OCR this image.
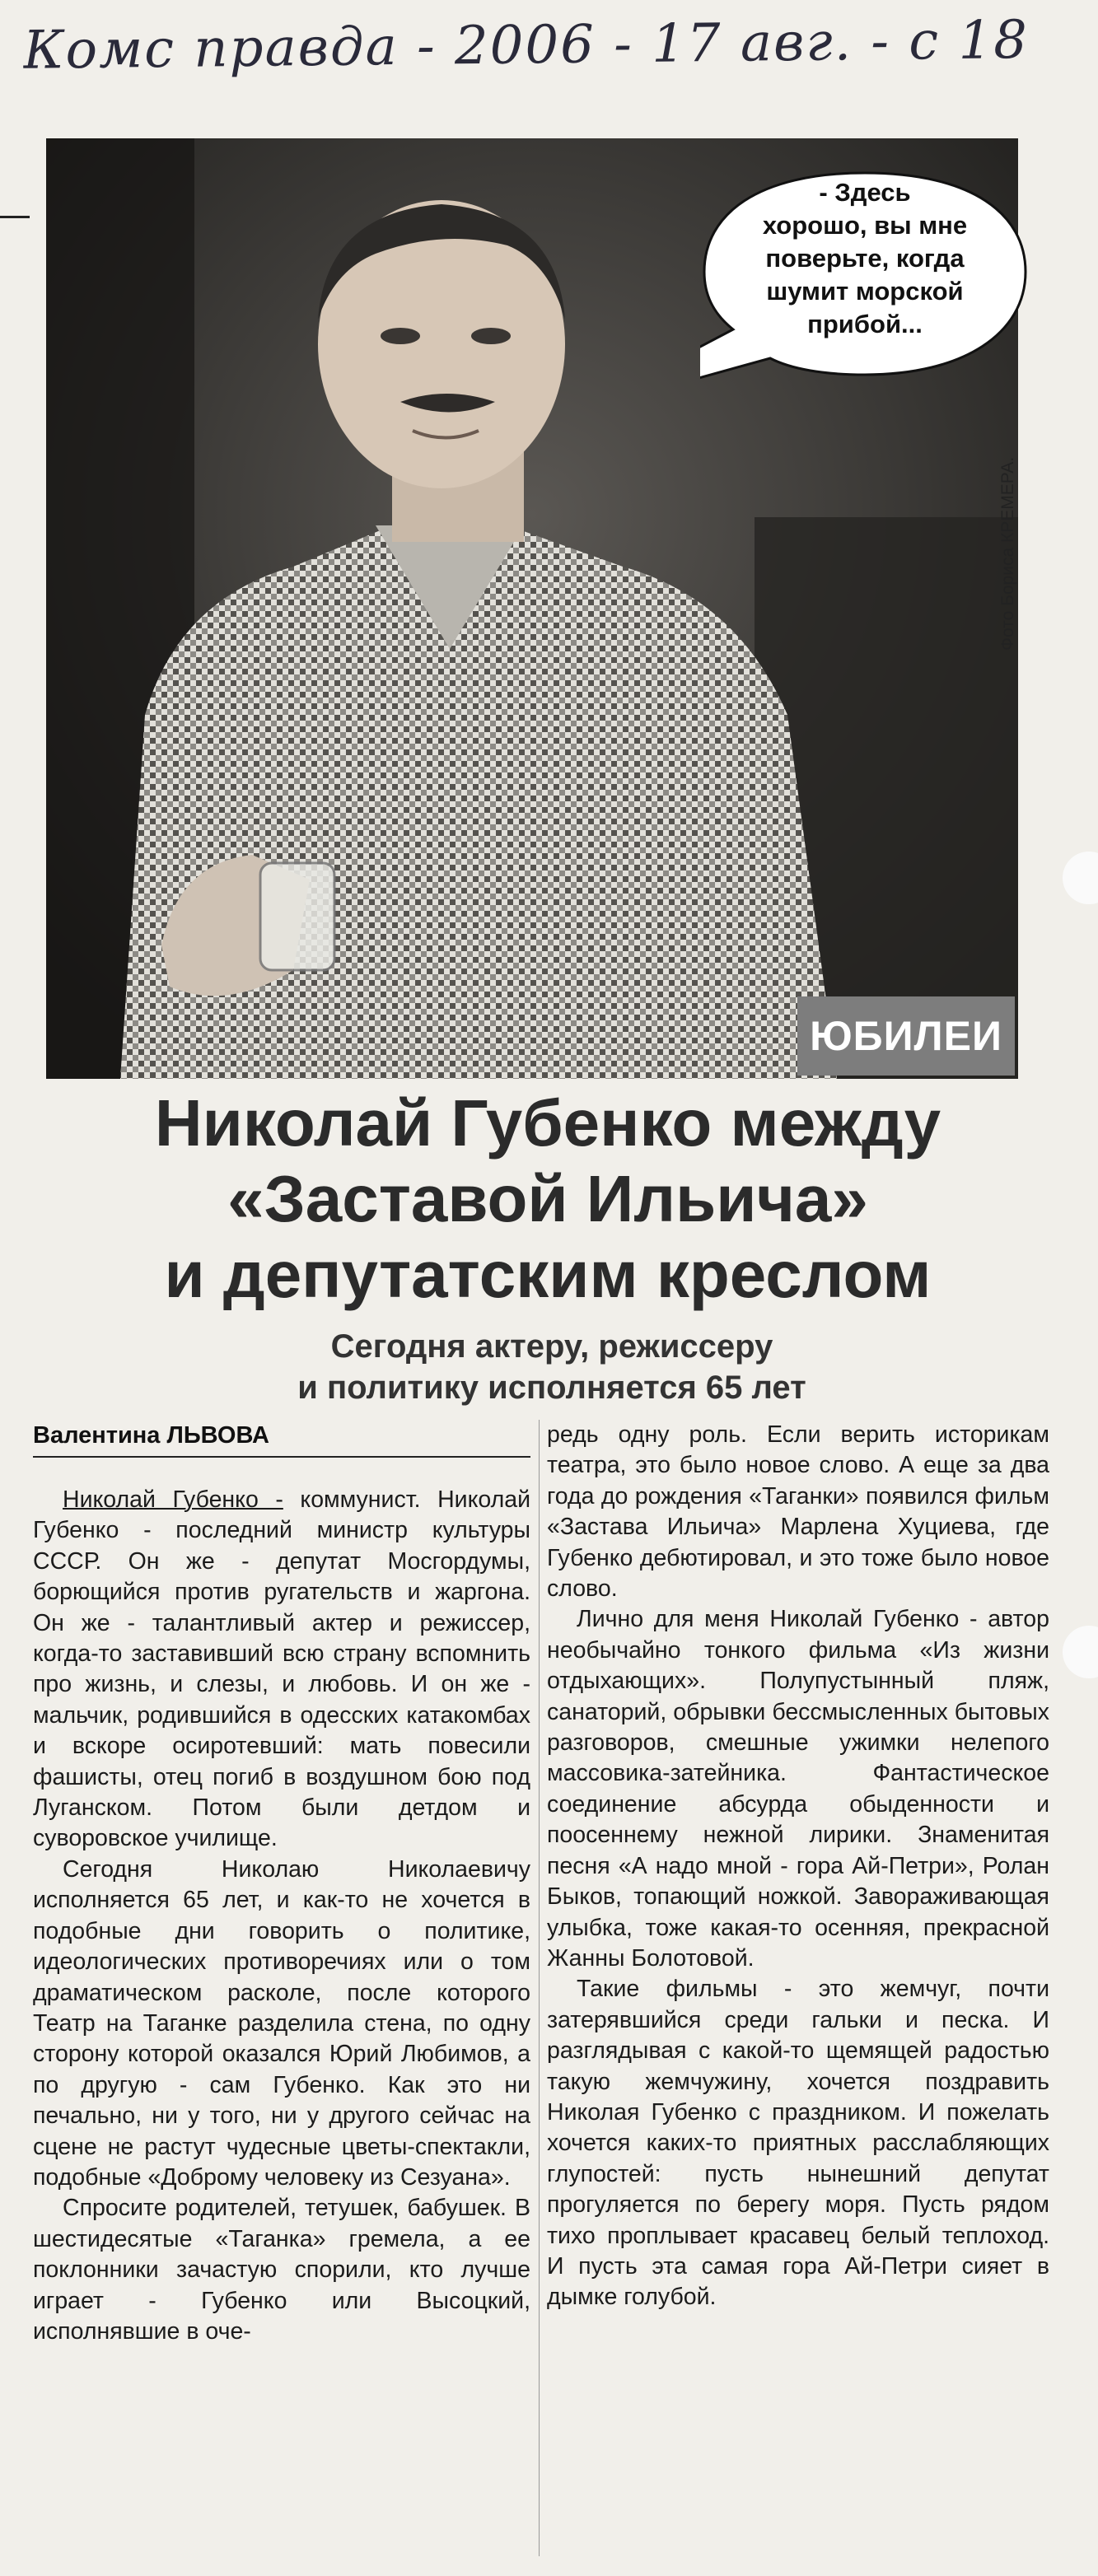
Комс правда - 2006 - 17 авг. - с 18
- Здесь
хорошо, вы мне
поверьте, когда
шумит морской
прибой...
Фото Бориса КРЕМЕРА.
ЮБИЛЕИ
Николай Губенко между
«Заставой Ильича»
и депутатским креслом
Сегодня актеру, режиссеру
и политику исполняется 65 лет
Валентина ЛЬВОВА

Николай Губенко - коммунист. Николай Губенко - последний министр культуры СССР. Он же - депутат Мосгордумы, борющийся против ругательств и жаргона. Он же - талантливый актер и режиссер, когда-то заставивший всю страну вспомнить про жизнь, и слезы, и любовь. И он же - мальчик, родившийся в одесских катакомбах и вскоре осиротевший: мать повесили фашисты, отец погиб в воздушном бою под Луганском. Потом были детдом и суворовское училище.

Сегодня Николаю Николаевичу исполняется 65 лет, и как-то не хочется в подобные дни говорить о политике, идеологических противоречиях или о том драматическом расколе, после которого Театр на Таганке разделила стена, по одну сторону которой оказался Юрий Любимов, а по другую - сам Губенко. Как это ни печально, ни у того, ни у другого сейчас на сцене не растут чудесные цветы-спектакли, подобные «Доброму человеку из Сезуана».

Спросите родителей, тетушек, бабушек. В шестидесятые «Таганка» гремела, а ее поклонники зачастую спорили, кто лучше играет - Губенко или Высоцкий, исполнявшие в оче-

редь одну роль. Если верить историкам театра, это было новое слово. А еще за два года до рождения «Таганки» появился фильм «Застава Ильича» Марлена Хуциева, где Губенко дебютировал, и это тоже было новое слово.

Лично для меня Николай Губенко - автор необычайно тонкого фильма «Из жизни отдыхающих». Полупустынный пляж, санаторий, обрывки бессмысленных бытовых разговоров, смешные ужимки нелепого массовика-затейника. Фантастическое соединение абсурда обыденности и поосеннему нежной лирики. Знаменитая песня «А надо мной - гора Ай-Петри», Ролан Быков, топающий ножкой. Завораживающая улыбка, тоже какая-то осенняя, прекрасной Жанны Болотовой.

Такие фильмы - это жемчуг, почти затерявшийся среди гальки и песка. И разглядывая с какой-то щемящей радостью такую жемчужину, хочется поздравить Николая Губенко с праздником. И пожелать хочется каких-то приятных расслабляющих глупостей: пусть нынешний депутат прогуляется по берегу моря. Пусть рядом тихо проплывает красавец белый теплоход. И пусть эта самая гора Ай-Петри сияет в дымке голубой.
